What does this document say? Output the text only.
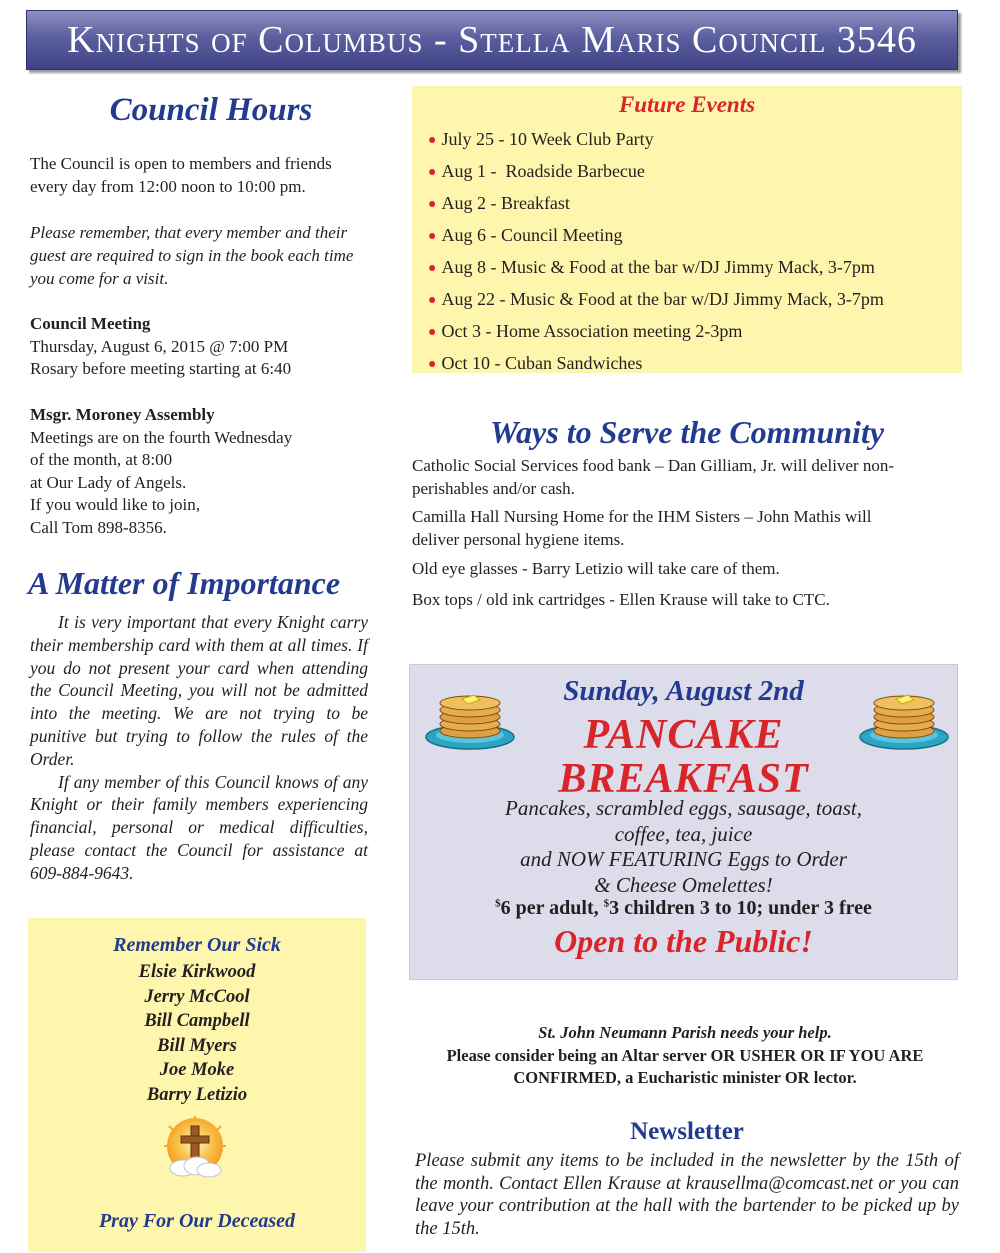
Knights of Columbus - Stella Maris Council 3546
Council Hours
The Council is open to members and friends
every day from 12:00 noon to 10:00 pm.
Please remember, that every member and their
guest are required to sign in the book each time
you come for a visit.
Council Meeting
Thursday, August 6, 2015 @ 7:00 PM
Rosary before meeting starting at 6:40
Msgr. Moroney Assembly
Meetings are on the fourth Wednesday
of the month, at 8:00
at Our Lady of Angels.
If you would like to join,
Call Tom 898-8356.
A Matter of Importance

It is very important that every Knight carry their membership card with them at all times. If you do not present your card when attending the Council Meeting, you will not be admitted into the meeting. We are not trying to be punitive but trying to follow the rules of the Order.

If any member of this Council knows of any Knight or their family members experiencing financial, personal or medical difficulties, please contact the Council for assistance at 609-884-9643.

Remember Our Sick
Elsie Kirkwood
Jerry McCool
Bill Campbell
Bill Myers
Joe Moke
Barry Letizio
Pray For Our Deceased
Future Events
● July 25 - 10 Week Club Party
● Aug 1 -  Roadside Barbecue
● Aug 2 - Breakfast
● Aug 6 - Council Meeting
● Aug 8 - Music & Food at the bar w/DJ Jimmy Mack, 3-7pm
● Aug 22 - Music & Food at the bar w/DJ Jimmy Mack, 3-7pm
● Oct 3 - Home Association meeting 2-3pm
● Oct 10 - Cuban Sandwiches
Ways to Serve the Community
Catholic Social Services food bank – Dan Gilliam, Jr. will deliver non-
perishables and/or cash.
Camilla Hall Nursing Home for the IHM Sisters – John Mathis will
deliver personal hygiene items.
Old eye glasses - Barry Letizio will take care of them.
Box tops / old ink cartridges - Ellen Krause will take to CTC.
Sunday, August 2nd
PANCAKE
BREAKFAST
Pancakes, scrambled eggs, sausage, toast,
coffee, tea, juice
and NOW FEATURING Eggs to Order
& Cheese Omelettes!
$6 per adult, $3 children 3 to 10; under 3 free
Open to the Public!
St. John Neumann Parish needs your help.
Please consider being an Altar server OR USHER OR IF YOU ARE
CONFIRMED, a Eucharistic minister OR lector.
Newsletter

Please submit any items to be included in the newsletter by the 15th of the month. Contact Ellen Krause at krausellma@comcast.net or you can leave your contribution at the hall with the bartender to be picked up by the 15th.
